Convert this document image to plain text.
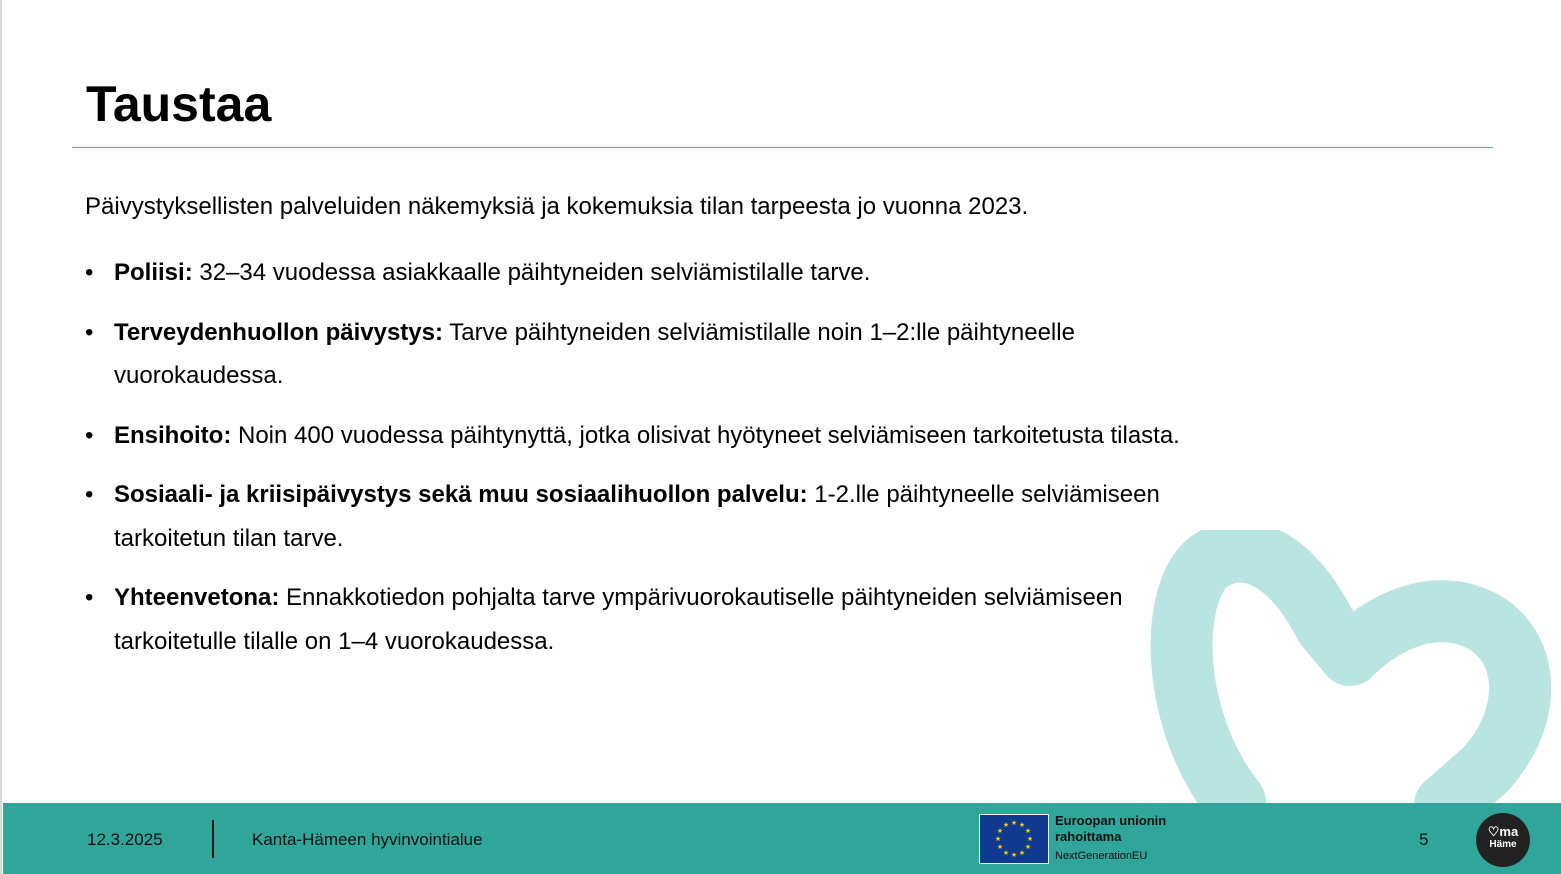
Taustaa
Päivystyksellisten palveluiden näkemyksiä ja kokemuksia tilan tarpeesta jo vuonna 2023.
• Poliisi: 32–34 vuodessa asiakkaalle päihtyneiden selviämistilalle tarve.
• Terveydenhuollon päivystys: Tarve päihtyneiden selviämistilalle noin 1–2:lle päihtyneelle vuorokaudessa.
• Ensihoito: Noin 400 vuodessa päihtynyttä, jotka olisivat hyötyneet selviämiseen tarkoitetusta tilasta.
• Sosiaali- ja kriisipäivystys sekä muu sosiaalihuollon palvelu: 1-2.lle päihtyneelle selviämiseen tarkoitetun tilan tarve.
• Yhteenvetona: Ennakkotiedon pohjalta tarve ympärivuorokautiselle päihtyneiden selviämiseen tarkoitetulle tilalle on 1–4 vuorokaudessa.
12.3.2025	Kanta-Hämeen hyvinvointialue
★ ★
★
★
★
★
★
★
★
★
★
★	Euroopan unionin
rahoittama
NextGenerationEU
5	♡ma
Häme
